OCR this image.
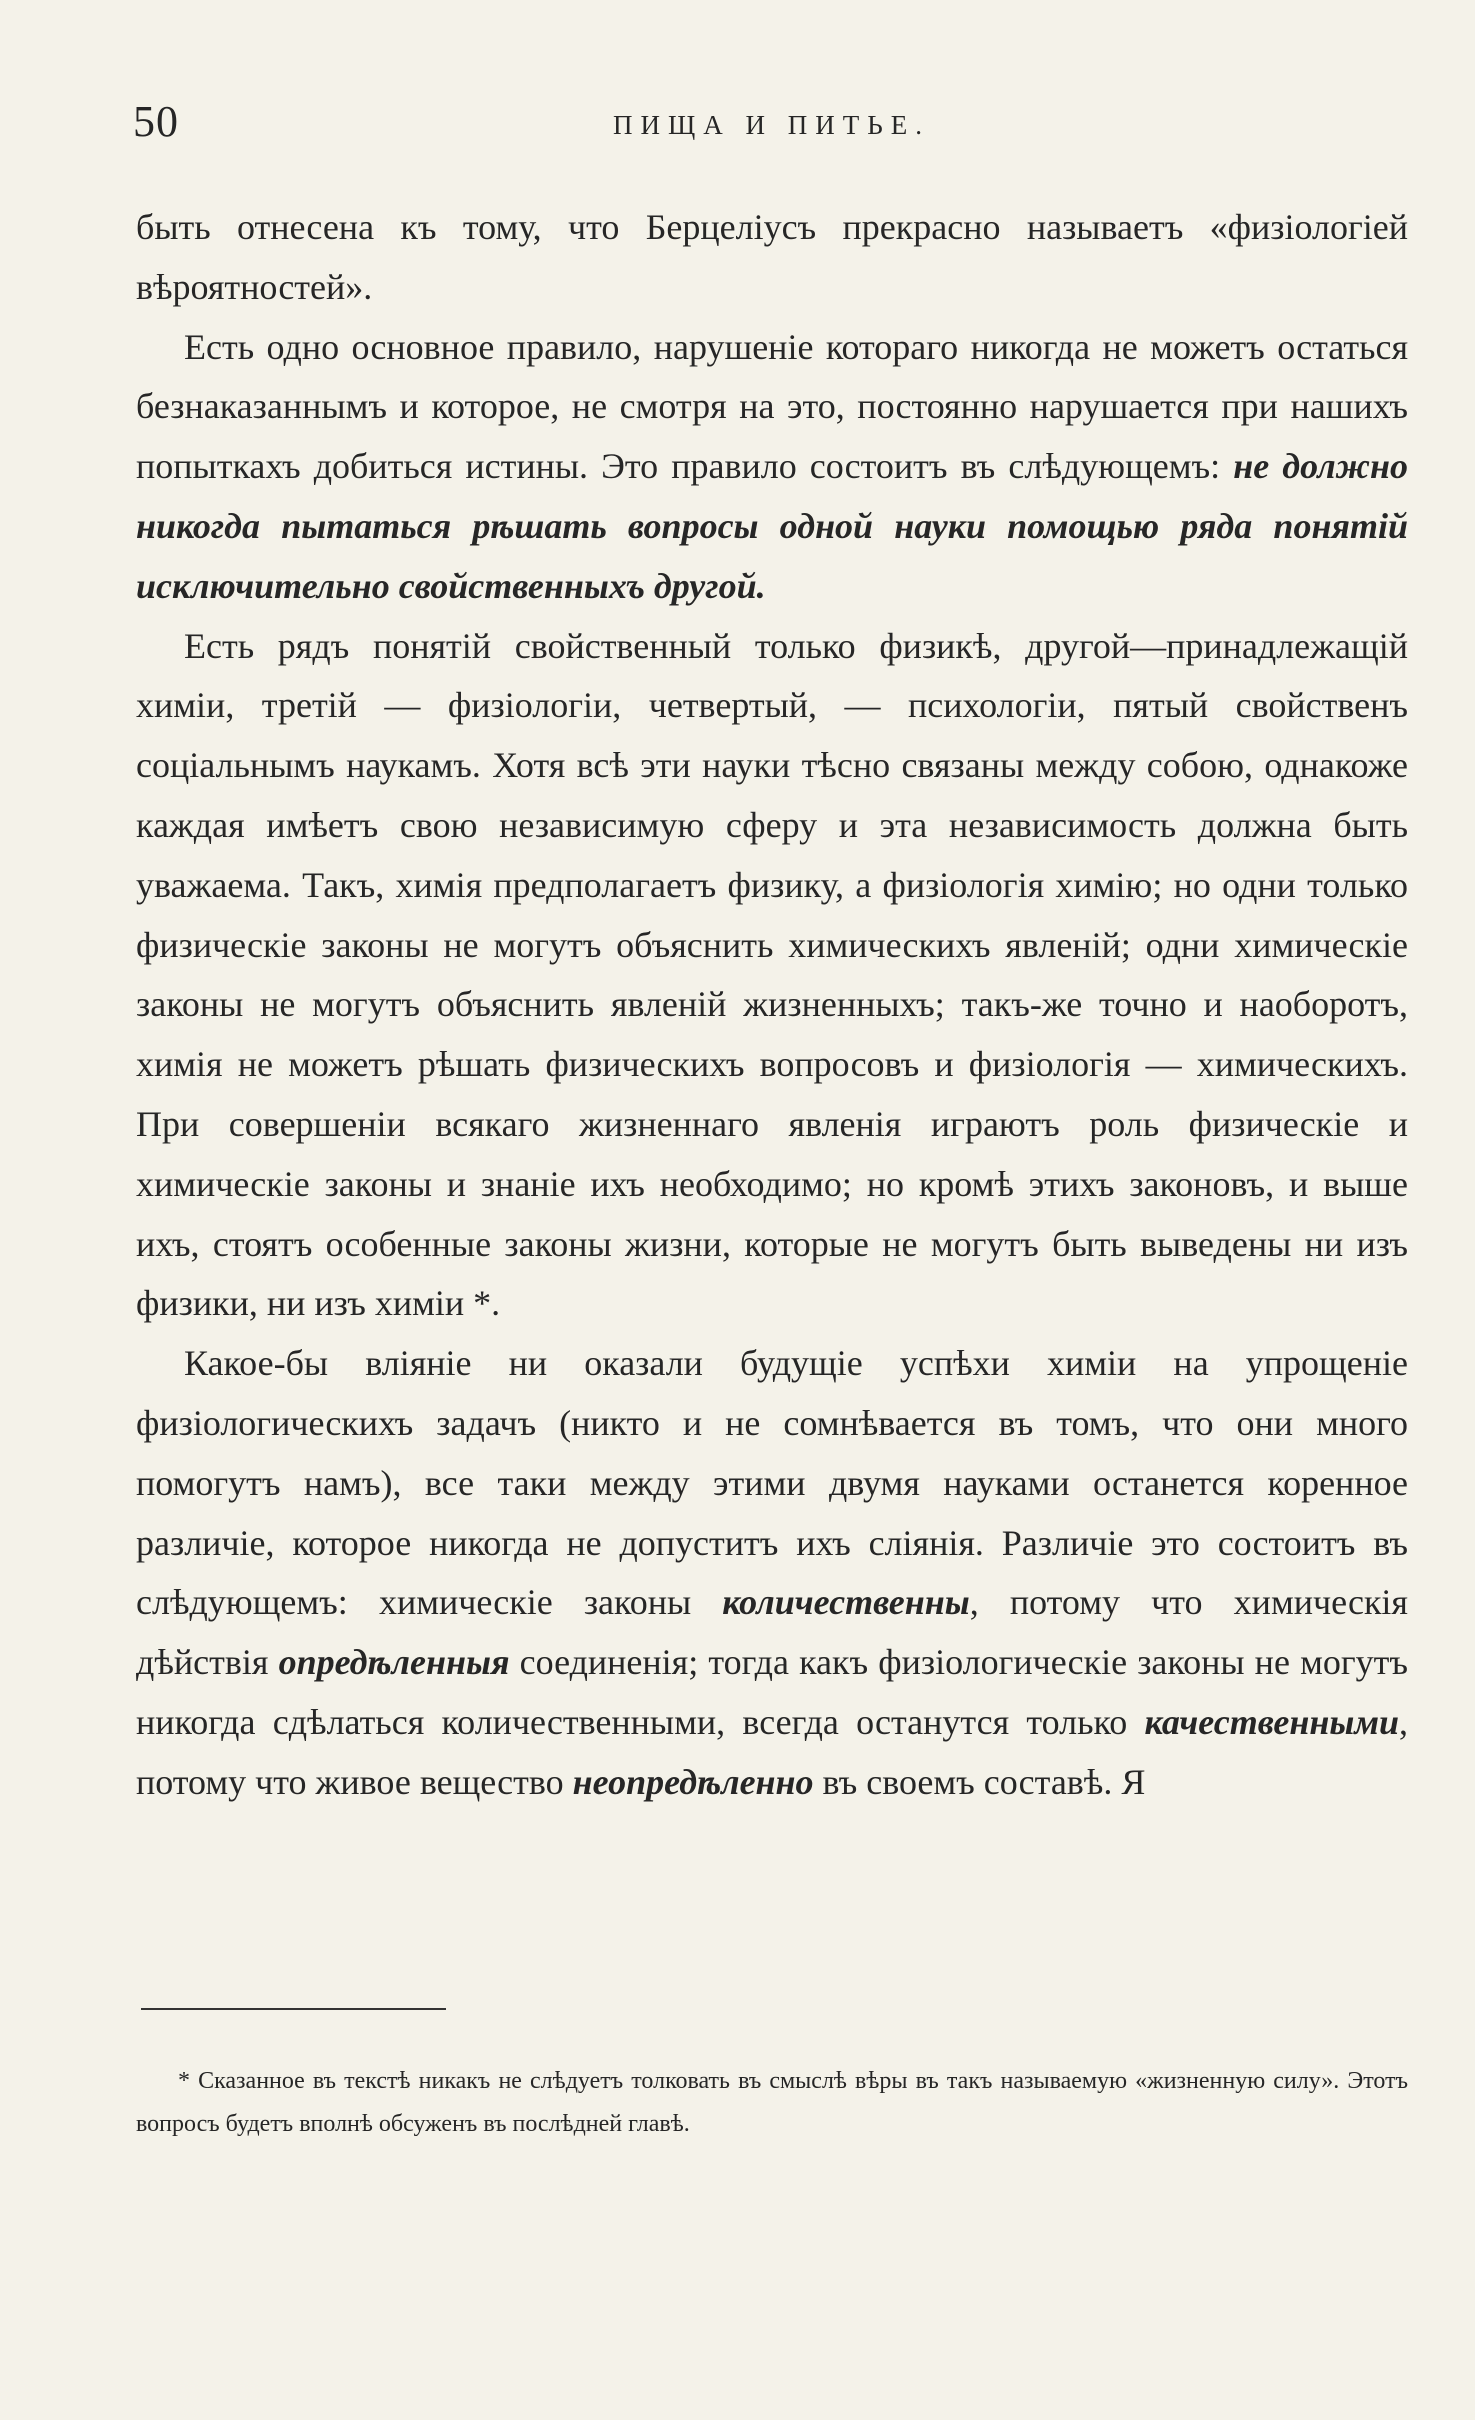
50	ПИЩА И ПИТЬЕ.

быть отнесена къ тому, что Берцеліусъ прекрасно называетъ «физіологіей вѣроятностей».

Есть одно основное правило, нарушеніе котораго никогда не можетъ остаться безнаказаннымъ и которое, не смотря на это, постоянно нарушается при нашихъ попыткахъ добиться истины. Это правило состоитъ въ слѣдующемъ: не должно никогда пытаться рѣшать вопросы одной науки помощью ряда понятій исключительно свойственныхъ другой.

Есть рядъ понятій свойственный только физикѣ, другой—принадлежащій химіи, третій — физіологіи, четвертый, — психологіи, пятый свойственъ соціальнымъ наукамъ. Хотя всѣ эти науки тѣсно связаны между собою, однакоже каждая имѣетъ свою независимую сферу и эта независимость должна быть уважаема. Такъ, химія предполагаетъ физику, а физіологія химію; но одни только физическіе законы не могутъ объяснить химическихъ явленій; одни химическіе законы не могутъ объяснить явленій жизненныхъ; такъ-же точно и наоборотъ, химія не можетъ рѣшать физическихъ вопросовъ и физіологія — химическихъ. При совершеніи всякаго жизненнаго явленія играютъ роль физическіе и химическіе законы и знаніе ихъ необходимо; но кромѣ этихъ законовъ, и выше ихъ, стоятъ особенные законы жизни, которые не могутъ быть выведены ни изъ физики, ни изъ химіи *.

Какое-бы вліяніе ни оказали будущіе успѣхи химіи на упрощеніе физіологическихъ задачъ (никто и не сомнѣвается въ томъ, что они много помогутъ намъ), все таки между этими двумя науками останется коренное различіе, которое никогда не допуститъ ихъ сліянія. Различіе это состоитъ въ слѣдующемъ: химическіе законы количественны, потому что химическія дѣйствія опредѣленныя соединенія; тогда какъ физіологическіе законы не могутъ никогда сдѣлаться количественными, всегда останутся только качественными, потому что живое вещество неопредѣленно въ своемъ составѣ. Я

* Сказанное въ текстѣ никакъ не слѣдуетъ толковать въ смыслѣ вѣры въ такъ называемую «жизненную силу». Этотъ вопросъ будетъ вполнѣ обсуженъ въ послѣдней главѣ.
